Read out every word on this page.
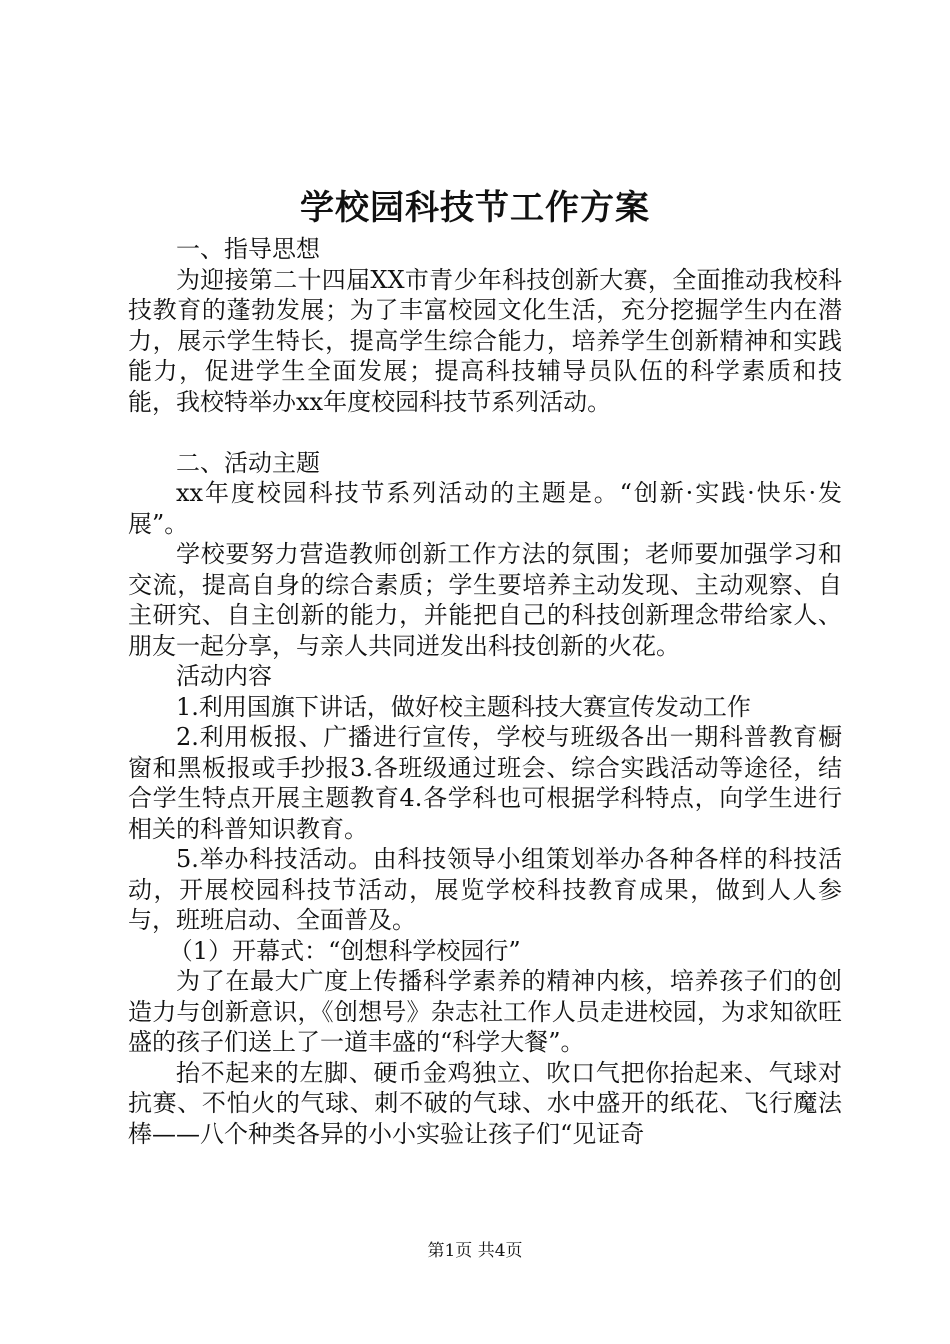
学校园科技节工作方案

一、指导思想

为迎接第二十四届XX市青少年科技创新大赛，全面推动我校科技教育的蓬勃发展；为了丰富校园文化生活，充分挖掘学生内在潜力，展示学生特长，提高学生综合能力，培养学生创新精神和实践能力，促进学生全面发展；提高科技辅导员队伍的科学素质和技能，我校特举办xx年度校园科技节系列活动。

二、活动主题

xx年度校园科技节系列活动的主题是。“创新·实践·快乐·发展”。

学校要努力营造教师创新工作方法的氛围；老师要加强学习和交流，提高自身的综合素质；学生要培养主动发现、主动观察、自主研究、自主创新的能力，并能把自己的科技创新理念带给家人、朋友一起分享，与亲人共同迸发出科技创新的火花。

活动内容

1.利用国旗下讲话，做好校主题科技大赛宣传发动工作

2.利用板报、广播进行宣传，学校与班级各出一期科普教育橱窗和黑板报或手抄报3.各班级通过班会、综合实践活动等途径，结合学生特点开展主题教育4.各学科也可根据学科特点，向学生进行相关的科普知识教育。

5.举办科技活动。由科技领导小组策划举办各种各样的科技活动，开展校园科技节活动，展览学校科技教育成果，做到人人参与，班班启动、全面普及。

（1）开幕式：“创想科学校园行”

为了在最大广度上传播科学素养的精神内核，培养孩子们的创造力与创新意识，《创想号》杂志社工作人员走进校园，为求知欲旺盛的孩子们送上了一道丰盛的“科学大餐”。

抬不起来的左脚、硬币金鸡独立、吹口气把你抬起来、气球对抗赛、不怕火的气球、刺不破的气球、水中盛开的纸花、飞行魔法棒——八个种类各异的小小实验让孩子们“见证奇

第1页 共4页
